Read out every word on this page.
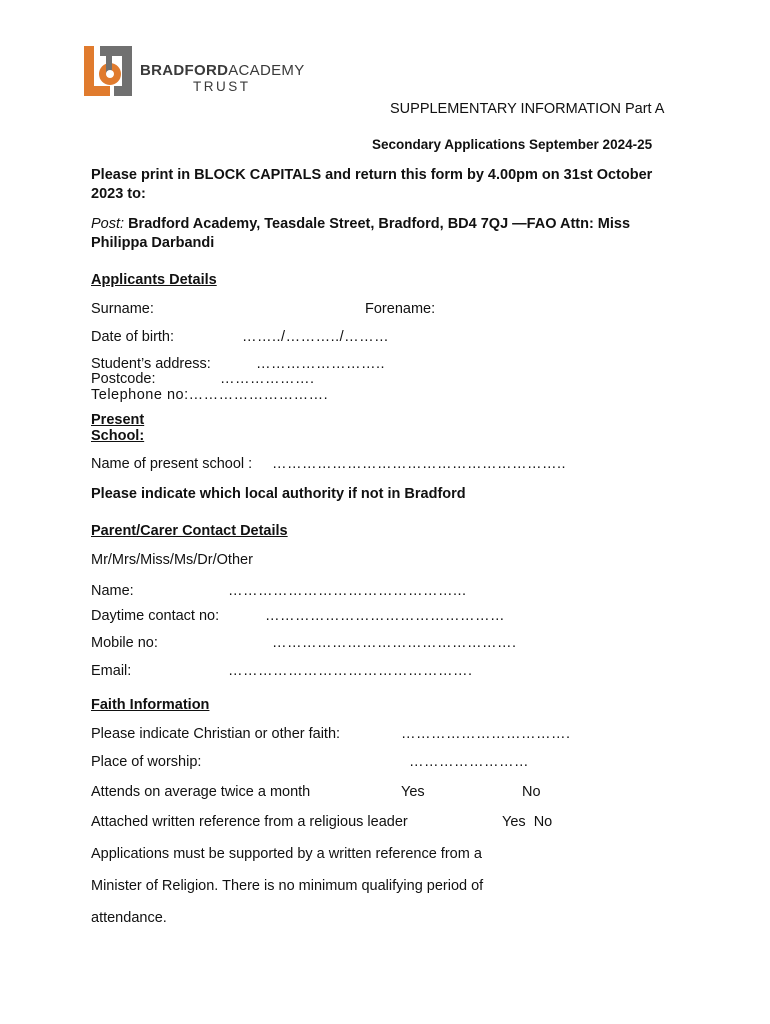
BRADFORDACADEMY
TRUST
SUPPLEMENTARY INFORMATION Part A
Secondary Applications September 2024-25
Please print in BLOCK CAPITALS and return this form by 4.00pm on 31st October
2023 to:
Post: Bradford Academy, Teasdale Street, Bradford, BD4 7QJ —FAO Attn: Miss
Philippa Darbandi
Applicants Details
Surname:	Forename:
Date of birth:	……../………../………
Student’s address:	……………………..
Postcode:	……………….
Telephone no:……………………….
Present
School:
Name of present school : …………………………………………………..
Please indicate which local authority if not in Bradford
Parent/Carer Contact Details
Mr/Mrs/Miss/Ms/Dr/Other
Name:	………………………………………...
Daytime contact no:	…………………………………………
Mobile no:	………………………………………….
Email:	………………………………………….
Faith Information
Please indicate Christian or other faith:	…………………………….
Place of worship:	……………………
Attends on average twice a month	Yes	No
Attached written reference from a religious leader	Yes  No
Applications must be supported by a written reference from a
Minister of Religion. There is no minimum qualifying period of
attendance.
